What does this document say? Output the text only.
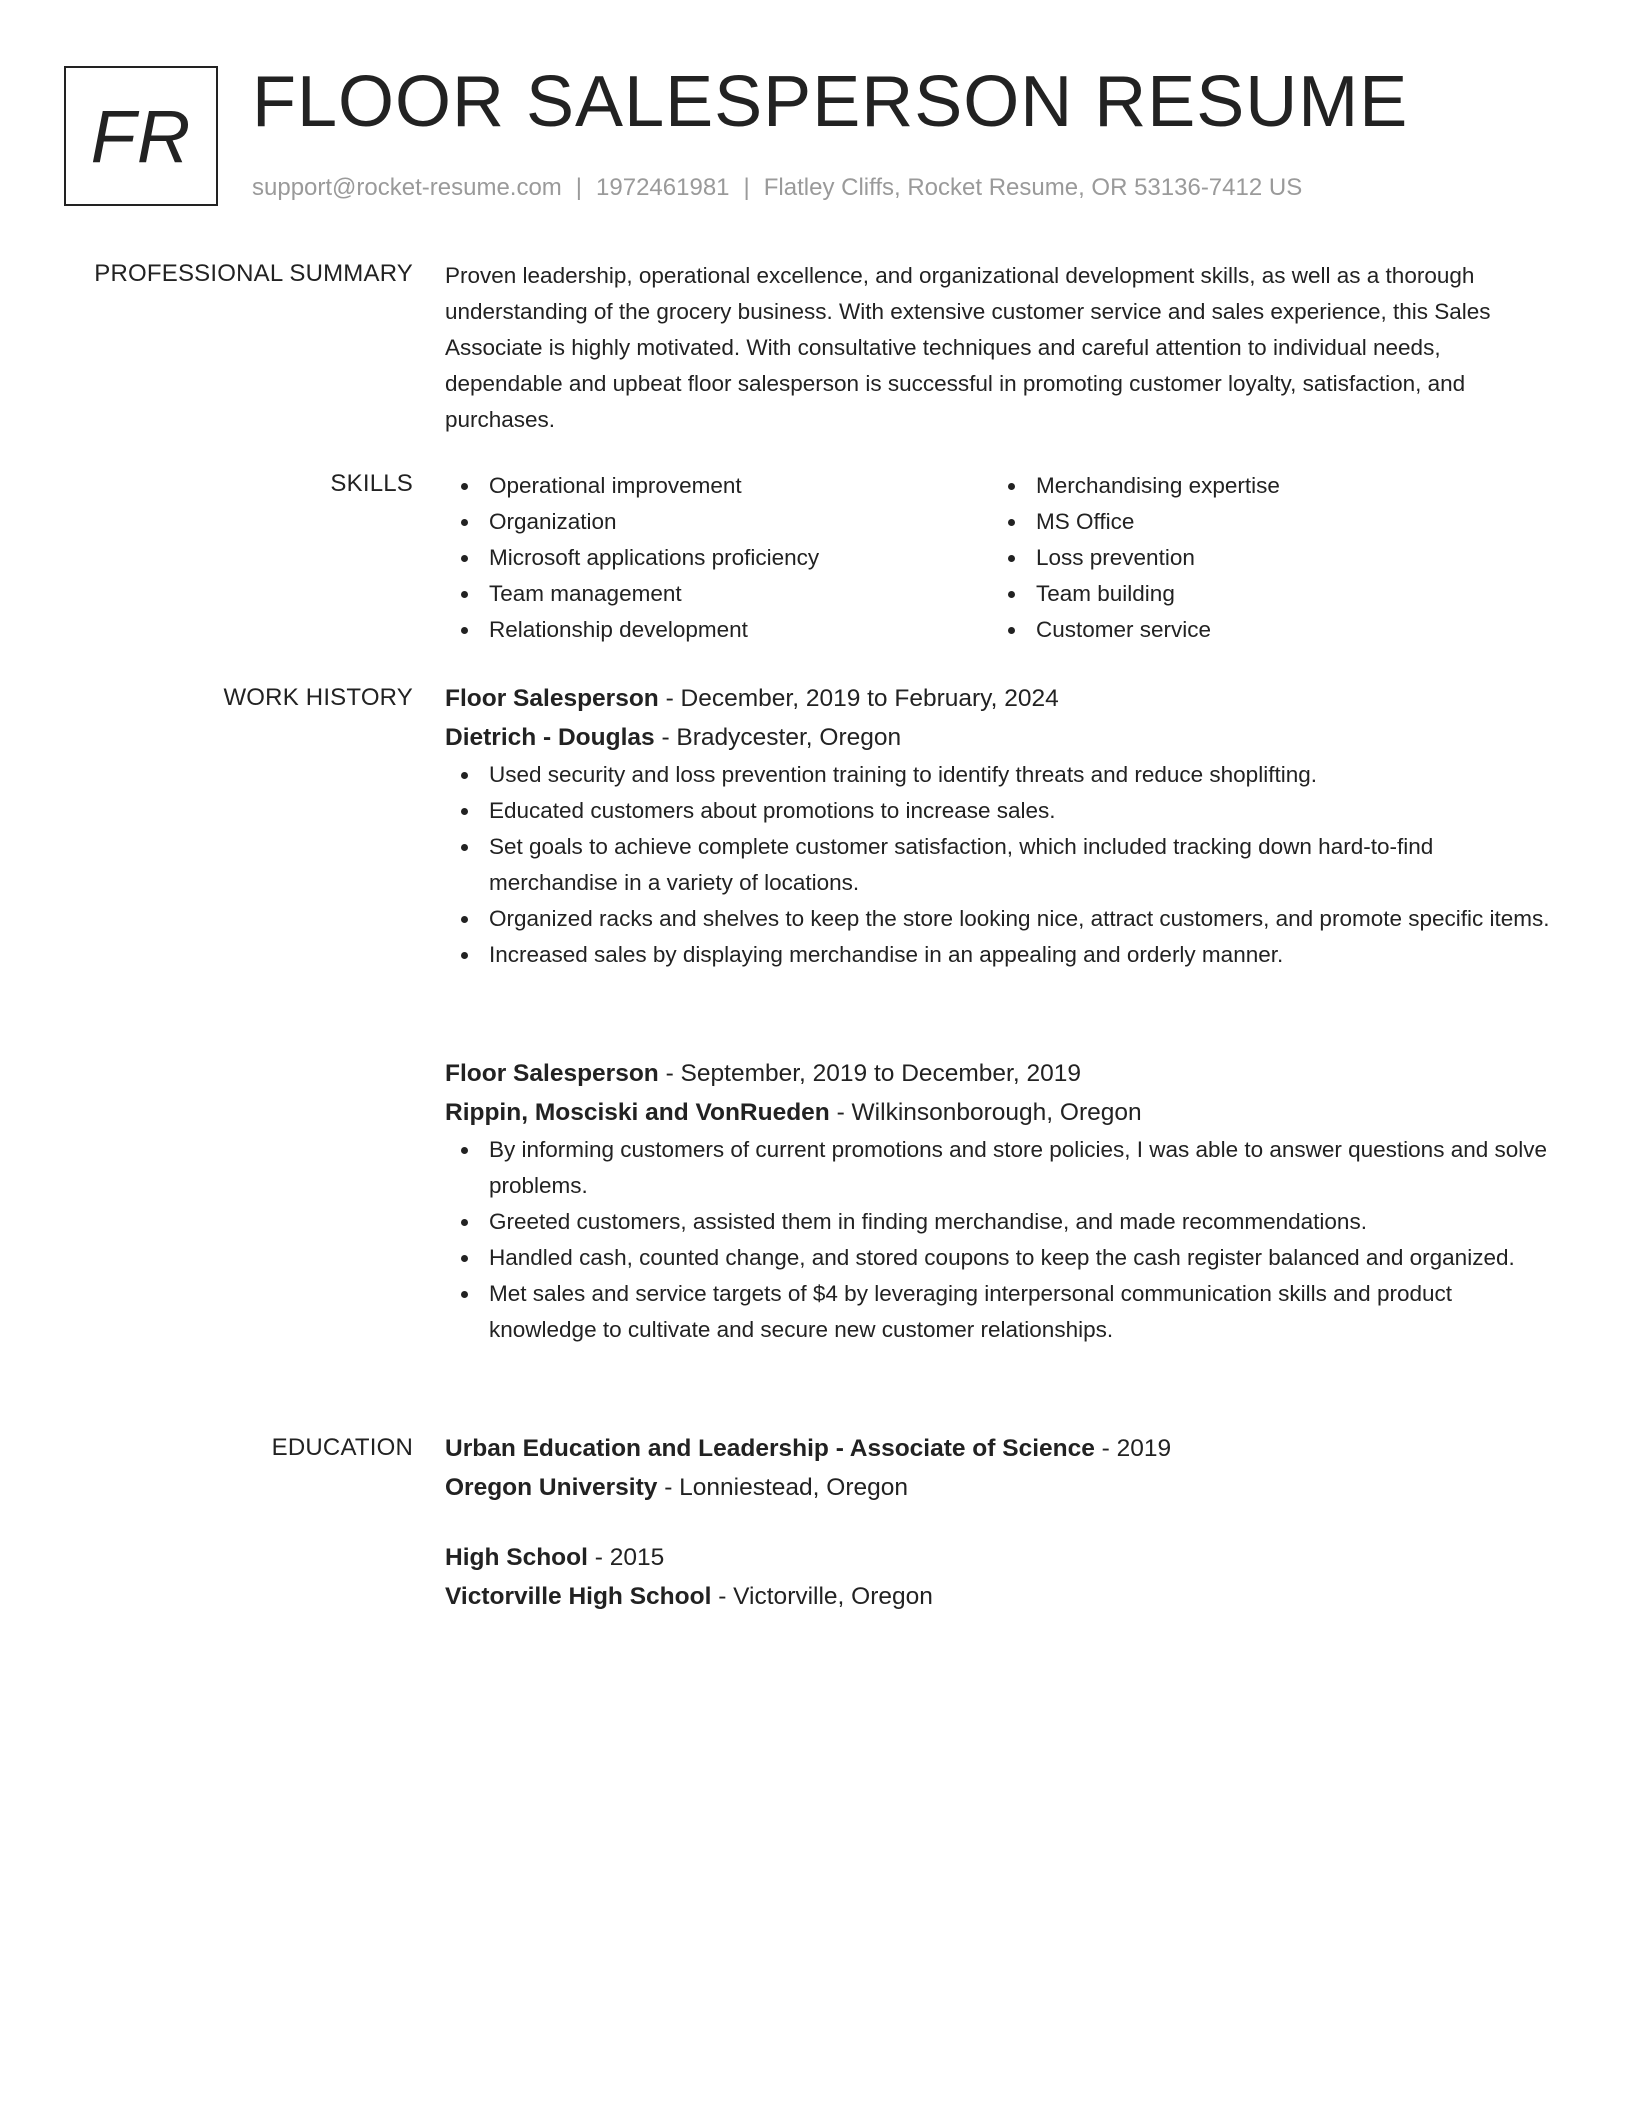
FR FLOOR SALESPERSON RESUME
support@rocket-resume.com | 1972461981 | Flatley Cliffs, Rocket Resume, OR 53136-7412 US
PROFESSIONAL SUMMARY Proven leadership, operational excellence, and organizational development skills, as well as a thorough understanding of the grocery business. With extensive customer service and sales experience, this Sales Associate is highly motivated. With consultative techniques and careful attention to individual needs, dependable and upbeat floor salesperson is successful in promoting customer loyalty, satisfaction, and purchases.

SKILLS	Operational improvement
Organization
Microsoft applications proficiency
Team management
Relationship development
Merchandising expertise
MS Office
Loss prevention
Team building
Customer service
WORK HISTORY Floor Salesperson - December, 2019 to February, 2024
Dietrich - Douglas - Bradycester, Oregon
Used security and loss prevention training to identify threats and reduce shoplifting.
Educated customers about promotions to increase sales.
Set goals to achieve complete customer satisfaction, which included tracking down hard-to-find merchandise in a variety of locations.
Organized racks and shelves to keep the store looking nice, attract customers, and promote specific items.
Increased sales by displaying merchandise in an appealing and orderly manner.
Floor Salesperson - September, 2019 to December, 2019
Rippin, Mosciski and VonRueden - Wilkinsonborough, Oregon
By informing customers of current promotions and store policies, I was able to answer questions and solve problems.
Greeted customers, assisted them in finding merchandise, and made recommendations.
Handled cash, counted change, and stored coupons to keep the cash register balanced and organized.
Met sales and service targets of $4 by leveraging interpersonal communication skills and product knowledge to cultivate and secure new customer relationships.
EDUCATION Urban Education and Leadership - Associate of Science - 2019
Oregon University - Lonniestead, Oregon
High School - 2015
Victorville High School - Victorville, Oregon
